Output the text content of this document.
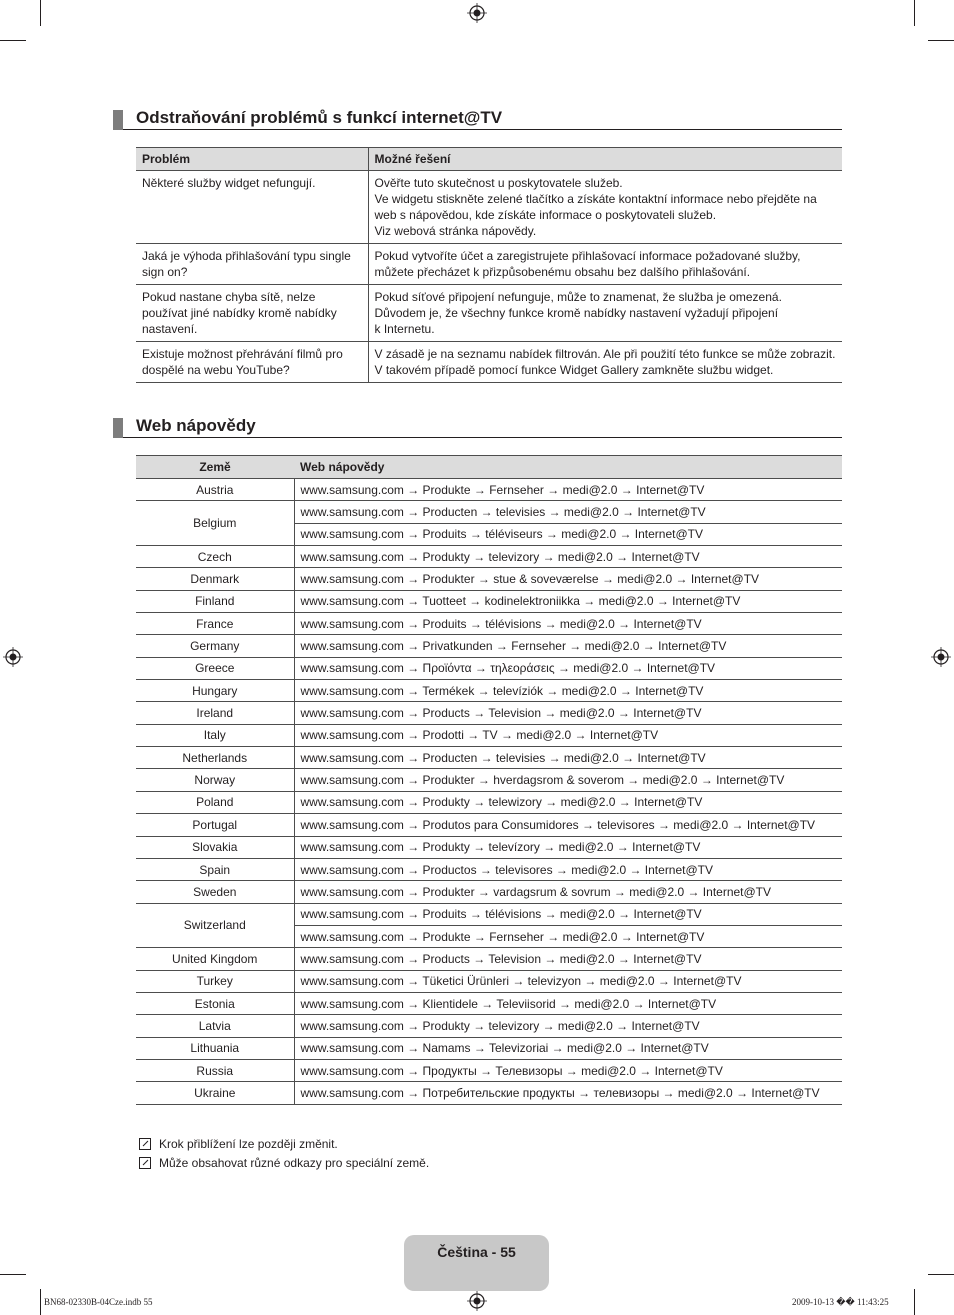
Odstraňování problémů s funkcí internet@TV
Problém	Možné řešení
Některé služby widget nefungují.	Ověřte tuto skutečnost u poskytovatele služeb.
Ve widgetu stiskněte zelené tlačítko a získáte kontaktní informace nebo přejděte na web s nápovědou, kde získáte informace o poskytovateli služeb.
Viz webová stránka nápovědy.
Jaká je výhoda přihlašování typu single sign on?	Pokud vytvoříte účet a zaregistrujete přihlašovací informace požadované služby, můžete přecházet k přizpůsobenému obsahu bez dalšího přihlašování.
Pokud nastane chyba sítě, nelze používat jiné nabídky kromě nabídky nastavení.	Pokud síťové připojení nefunguje, může to znamenat, že služba je omezená. Důvodem je, že všechny funkce kromě nabídky nastavení vyžadují připojení
k Internetu.
Existuje možnost přehrávání filmů pro dospělé na webu YouTube?	V zásadě je na seznamu nabídek filtrován. Ale při použití této funkce se může zobrazit. V takovém případě pomocí funkce Widget Gallery zamkněte službu widget.
Web nápovědy
Země	Web nápovědy
Austria	www.samsung.com → Produkte → Fernseher → medi@2.0 → Internet@TV
Belgium	www.samsung.com → Producten → televisies → medi@2.0 → Internet@TV
	www.samsung.com → Produits → téléviseurs → medi@2.0 → Internet@TV
Czech	www.samsung.com → Produkty → televizory → medi@2.0 → Internet@TV
Denmark	www.samsung.com → Produkter → stue & soveværelse → medi@2.0 → Internet@TV
Finland	www.samsung.com → Tuotteet → kodinelektroniikka → medi@2.0 → Internet@TV
France	www.samsung.com → Produits → télévisions → medi@2.0 → Internet@TV
Germany	www.samsung.com → Privatkunden → Fernseher → medi@2.0 → Internet@TV
Greece	www.samsung.com → Προϊόντα → τηλεοράσεις → medi@2.0 → Internet@TV
Hungary	www.samsung.com → Termékek → televíziók → medi@2.0 → Internet@TV
Ireland	www.samsung.com → Products → Television → medi@2.0 → Internet@TV
Italy	www.samsung.com → Prodotti → TV → medi@2.0 → Internet@TV
Netherlands	www.samsung.com → Producten → televisies → medi@2.0 → Internet@TV
Norway	www.samsung.com → Produkter → hverdagsrom & soverom → medi@2.0 → Internet@TV
Poland	www.samsung.com → Produkty → telewizory → medi@2.0 → Internet@TV
Portugal	www.samsung.com → Produtos para Consumidores → televisores → medi@2.0 → Internet@TV
Slovakia	www.samsung.com → Produkty → televízory → medi@2.0 → Internet@TV
Spain	www.samsung.com → Productos → televisores → medi@2.0 → Internet@TV
Sweden	www.samsung.com → Produkter → vardagsrum & sovrum → medi@2.0 → Internet@TV
Switzerland	www.samsung.com → Produits → télévisions → medi@2.0 → Internet@TV
	www.samsung.com → Produkte → Fernseher → medi@2.0 → Internet@TV
United Kingdom	www.samsung.com → Products → Television → medi@2.0 → Internet@TV
Turkey	www.samsung.com → Tüketici Ürünleri → televizyon → medi@2.0 → Internet@TV
Estonia	www.samsung.com → Klientidele → Televiisorid → medi@2.0 → Internet@TV
Latvia	www.samsung.com → Produkty → televizory → medi@2.0 → Internet@TV
Lithuania	www.samsung.com → Namams → Televizoriai → medi@2.0 → Internet@TV
Russia	www.samsung.com → Продукты → Телевизоры → medi@2.0 → Internet@TV
Ukraine	www.samsung.com → Потребительские продукты → телевизоры → medi@2.0 → Internet@TV
Krok přiblížení lze později změnit.
Může obsahovat různé odkazy pro speciální země.
Čeština - 55
BN68-02330B-04Cze.indb 55	2009-10-13 �� 11:43:25
